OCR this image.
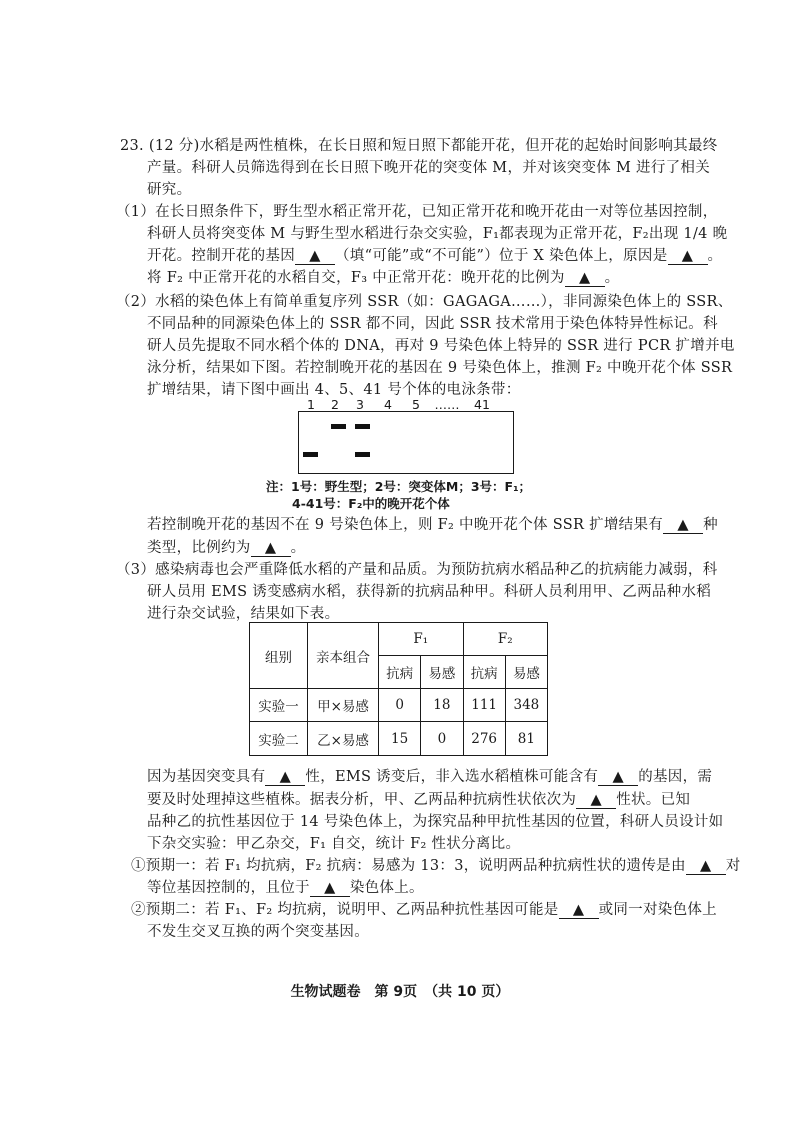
23. (12 分)水稻是两性植株，在长日照和短日照下都能开花，但开花的起始时间影响其最终
产量。科研人员筛选得到在长日照下晚开花的突变体 M，并对该突变体 M 进行了相关
研究。
（1）在长日照条件下，野生型水稻正常开花，已知正常开花和晚开花由一对等位基因控制，
科研人员将突变体 M 与野生型水稻进行杂交实验，F₁都表现为正常开花，F₂出现 1/4 晚
开花。控制开花的基因 ▲ （填“可能”或“不可能”）位于 X 染色体上，原因是 ▲ 。
将 F₂ 中正常开花的水稻自交，F₃ 中正常开花：晚开花的比例为 ▲ 。
（2）水稻的染色体上有简单重复序列 SSR（如：GAGAGA……），非同源染色体上的 SSR、
不同品种的同源染色体上的 SSR 都不同，因此 SSR 技术常用于染色体特异性标记。科
研人员先提取不同水稻个体的 DNA，再对 9 号染色体上特异的 SSR 进行 PCR 扩增并电
泳分析，结果如下图。若控制晚开花的基因在 9 号染色体上，推测 F₂ 中晚开花个体 SSR
扩增结果，请下图中画出 4、5、41 号个体的电泳条带：
1 2 3 4 5 …… 41
注：1号：野生型；2号：突变体M；3号：F₁；
4-41号：F₂中的晚开花个体
若控制晚开花的基因不在 9 号染色体上，则 F₂ 中晚开花个体 SSR 扩增结果有 ▲ 种
类型，比例约为 ▲ 。
（3）感染病毒也会严重降低水稻的产量和品质。为预防抗病水稻品种乙的抗病能力减弱，科
研人员用 EMS 诱变感病水稻，获得新的抗病品种甲。科研人员利用甲、乙两品种水稻
进行杂交试验，结果如下表。
组别	亲本组合	F₁		F₂	
		抗病	易感	抗病	易感
实验一	甲×易感	0	18	111	348
实验二	乙×易感	15	0	276	81
因为基因突变具有 ▲ 性，EMS 诱变后，非入选水稻植株可能含有 ▲ 的基因，需
要及时处理掉这些植株。据表分析，甲、乙两品种抗病性状依次为 ▲ 性状。已知
品种乙的抗性基因位于 14 号染色体上，为探究品种甲抗性基因的位置，科研人员设计如
下杂交实验：甲乙杂交，F₁ 自交，统计 F₂ 性状分离比。
①预期一：若 F₁ 均抗病，F₂ 抗病：易感为 13：3，说明两品种抗病性状的遗传是由 ▲ 对
等位基因控制的，且位于 ▲ 染色体上。
②预期二：若 F₁、F₂ 均抗病，说明甲、乙两品种抗性基因可能是 ▲ 或同一对染色体上
不发生交叉互换的两个突变基因。
生物试题卷　第 9页　（共 10 页）
